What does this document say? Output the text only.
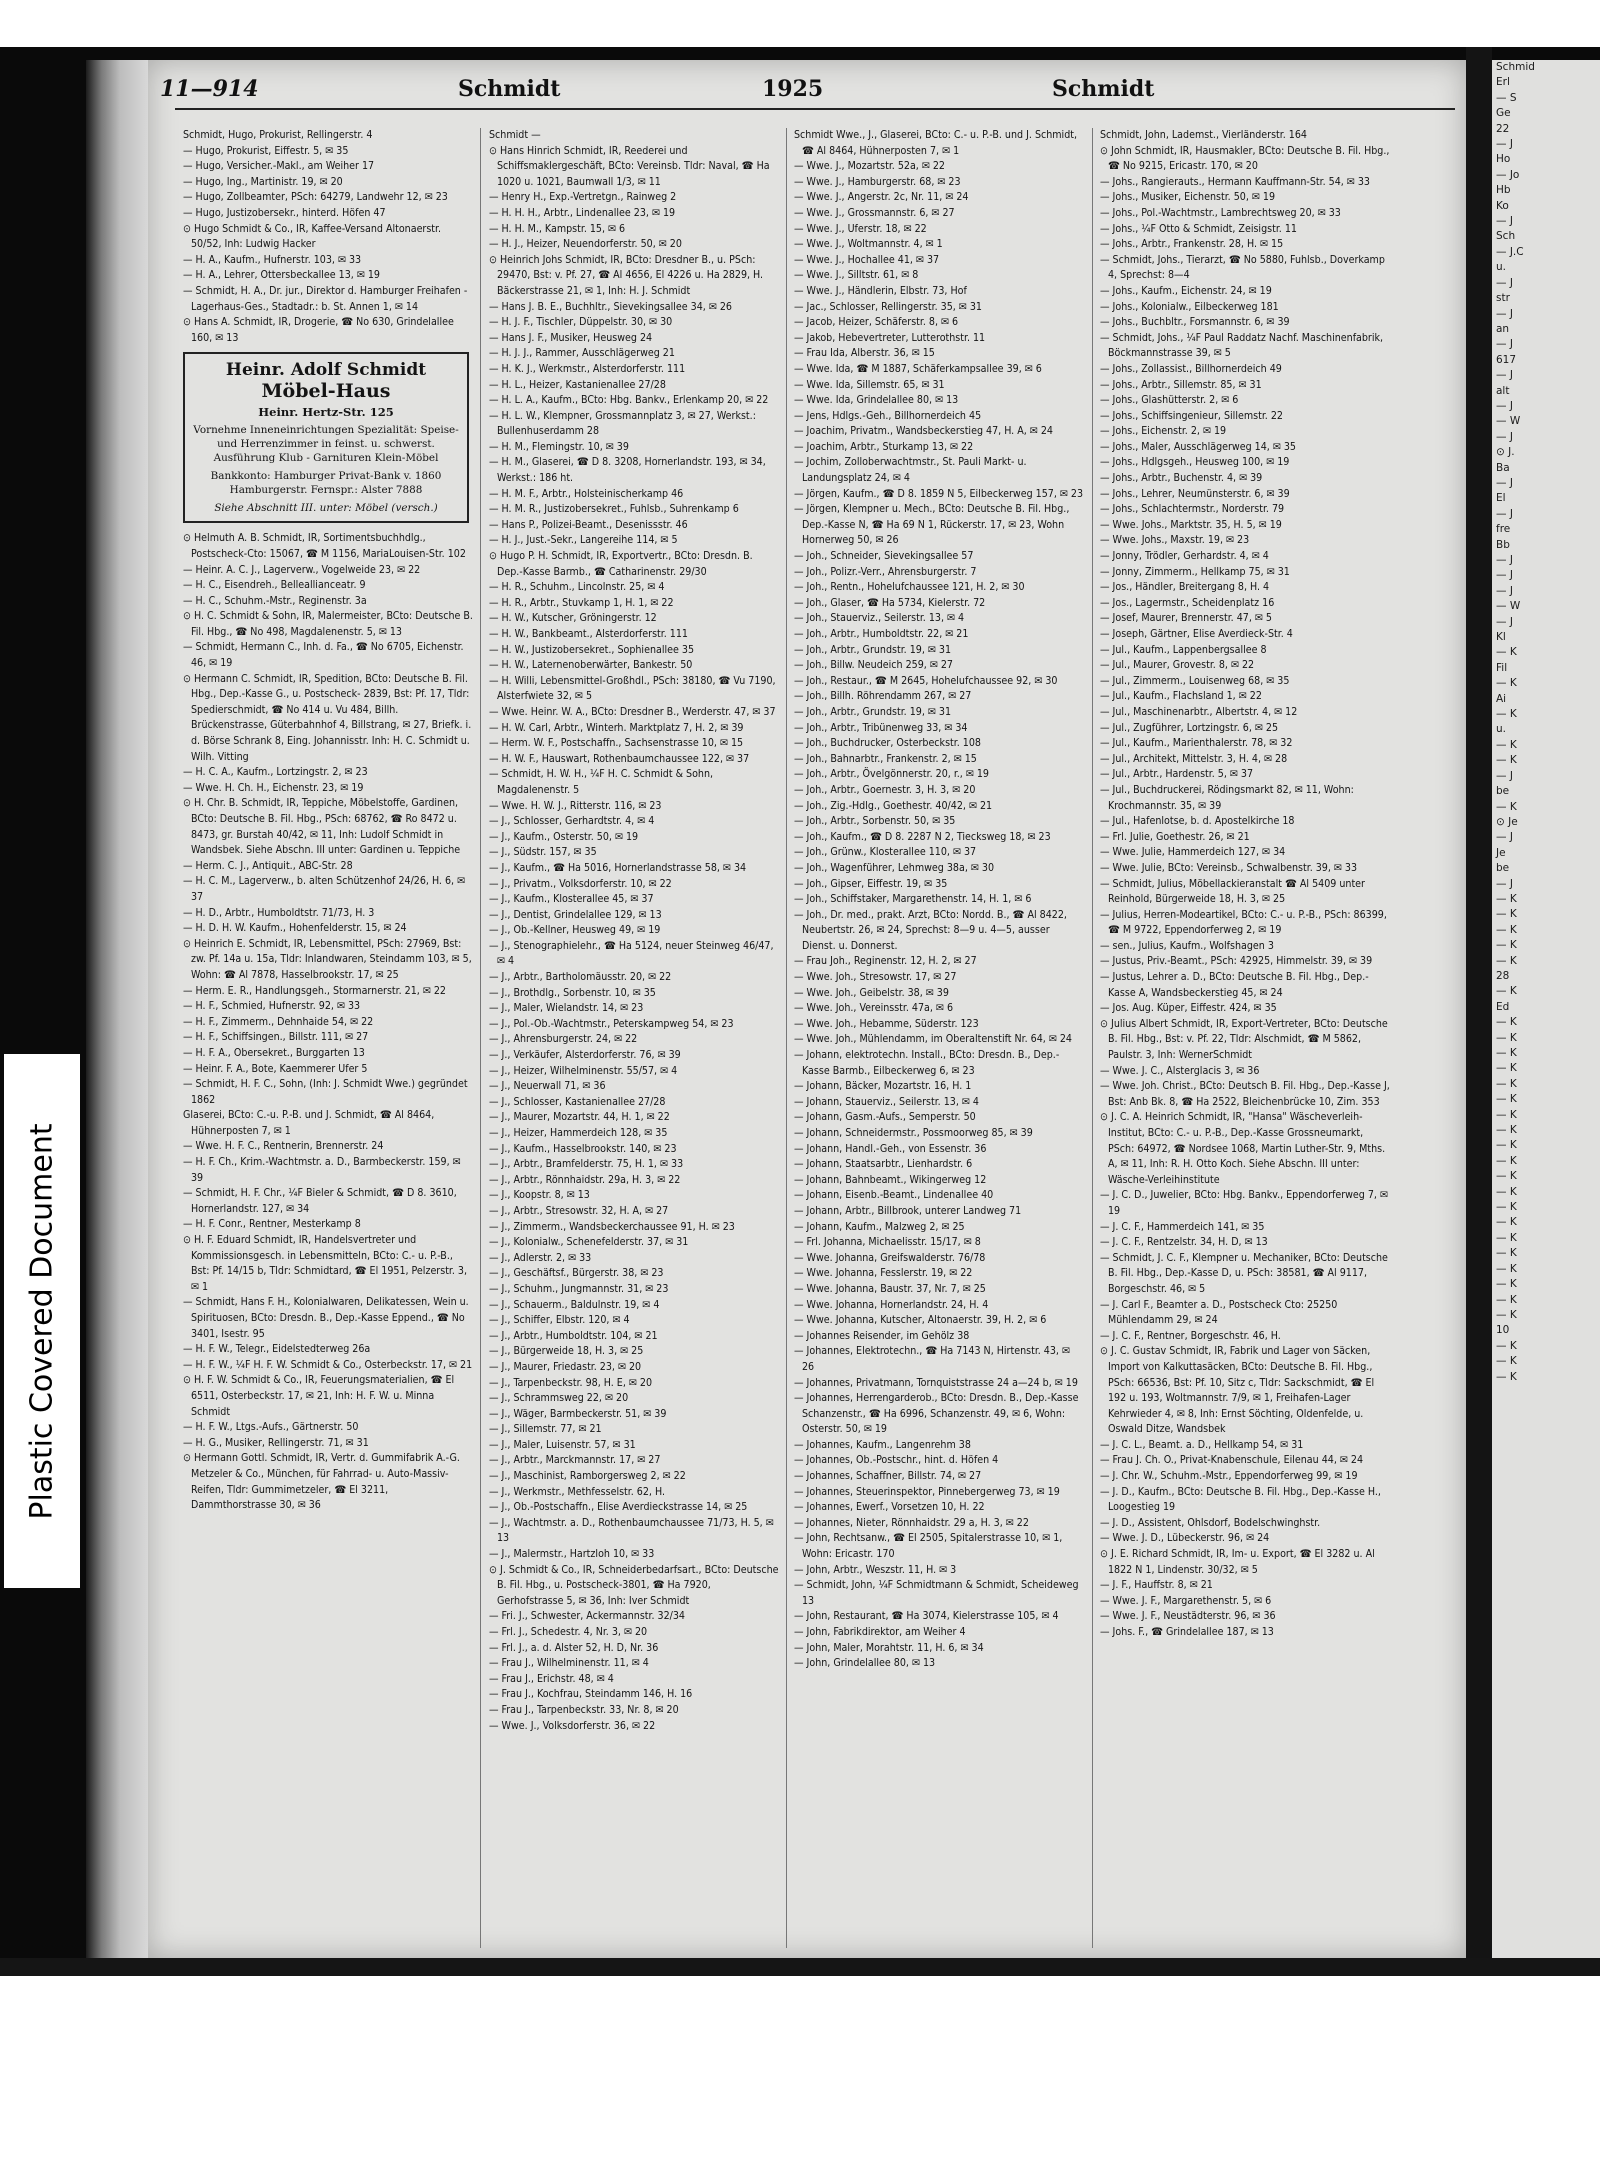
Schmid
Erl
— S
Ge
22
— J
Ho
— Jo
Hb
Ko
— J
Sch
— J.C
u.
— J
str
— J
an
— J
617
— J
alt
— J
— W
— J
⊙ J.
Ba
— J
El
— J
fre
Bb
— J
— J
— J
— W
— J
Kl
— K
Fil
— K
Ai
— K
u.
— K
— K
— J
be
— K
⊙ Je
— J
Je
be
— J
— K
— K
— K
— K
— K
28
— K
Ed
— K
— K
— K
— K
— K
— K
— K
— K
— K
— K
— K
— K
— K
— K
— K
— K
— K
— K
— K
— K
10
— K
— K
— K
11—914	Schmidt	1925	Schmidt

Schmidt, Hugo, Prokurist, Rellingerstr. 4

— Hugo, Prokurist, Eiffestr. 5, ✉ 35

— Hugo, Versicher.-Makl., am Weiher 17

— Hugo, Ing., Martinistr. 19, ✉ 20

— Hugo, Zollbeamter, PSch: 64279, Landwehr 12, ✉ 23

— Hugo, Justizobersekr., hinterd. Höfen 47

⊙ Hugo Schmidt & Co., IR, Kaffee-Versand Altonaerstr. 50/52, Inh: Ludwig Hacker

— H. A., Kaufm., Hufnerstr. 103, ✉ 33

— H. A., Lehrer, Ottersbeckallee 13, ✉ 19

— Schmidt, H. A., Dr. jur., Direktor d. Hamburger Freihafen - Lagerhaus-Ges., Stadtadr.: b. St. Annen 1, ✉ 14

⊙ Hans A. Schmidt, IR, Drogerie, ☎ No 630, Grindelallee 160, ✉ 13

Heinr. Adolf Schmidt
Möbel-Haus
Heinr. Hertz-Str. 125
Vornehme Inneneinrichtungen Spezialität: Speise- und Herrenzimmer in feinst. u. schwerst. Ausführung Klub - Garnituren Klein-Möbel
Bankkonto: Hamburger Privat-Bank v. 1860 Hamburgerstr. Fernspr.: Alster 7888
Siehe Abschnitt III. unter: Möbel (versch.)

⊙ Helmuth A. B. Schmidt, IR, Sortimentsbuchhdlg., Postscheck-Cto: 15067, ☎ M 1156, MariaLouisen-Str. 102

— Heinr. A. C. J., Lagerverw., Vogelweide 23, ✉ 22

— H. C., Eisendreh., Belleallianceatr. 9

— H. C., Schuhm.-Mstr., Reginenstr. 3a

⊙ H. C. Schmidt & Sohn, IR, Malermeister, BCto: Deutsche B. Fil. Hbg., ☎ No 498, Magdalenenstr. 5, ✉ 13

— Schmidt, Hermann C., Inh. d. Fa., ☎ No 6705, Eichenstr. 46, ✉ 19

⊙ Hermann C. Schmidt, IR, Spedition, BCto: Deutsche B. Fil. Hbg., Dep.-Kasse G., u. Postscheck- 2839, Bst: Pf. 17, Tldr: Spedierschmidt, ☎ No 414 u. Vu 484, Billh. Brückenstrasse, Güterbahnhof 4, Billstrang, ✉ 27, Briefk. i. d. Börse Schrank 8, Eing. Johannisstr. Inh: H. C. Schmidt u. Wilh. Vitting

— H. C. A., Kaufm., Lortzingstr. 2, ✉ 23

— Wwe. H. Ch. H., Eichenstr. 23, ✉ 19

⊙ H. Chr. B. Schmidt, IR, Teppiche, Möbelstoffe, Gardinen, BCto: Deutsche B. Fil. Hbg., PSch: 68762, ☎ Ro 8472 u. 8473, gr. Burstah 40/42, ✉ 11, Inh: Ludolf Schmidt in Wandsbek. Siehe Abschn. III unter: Gardinen u. Teppiche

— Herm. C. J., Antiquit., ABC-Str. 28

— H. C. M., Lagerverw., b. alten Schützenhof 24/26, H. 6, ✉ 37

— H. D., Arbtr., Humboldtstr. 71/73, H. 3

— H. D. H. W. Kaufm., Hohenfelderstr. 15, ✉ 24

⊙ Heinrich E. Schmidt, IR, Lebensmittel, PSch: 27969, Bst: zw. Pf. 14a u. 15a, Tldr: Inlandwaren, Steindamm 103, ✉ 5, Wohn: ☎ Al 7878, Hasselbrookstr. 17, ✉ 25

— Herm. E. R., Handlungsgeh., Stormarnerstr. 21, ✉ 22

— H. F., Schmied, Hufnerstr. 92, ✉ 33

— H. F., Zimmerm., Dehnhaide 54, ✉ 22

— H. F., Schiffsingen., Billstr. 111, ✉ 27

— H. F. A., Obersekret., Burggarten 13

— Heinr. F. A., Bote, Kaemmerer Ufer 5

— Schmidt, H. F. C., Sohn, (Inh: J. Schmidt Wwe.) gegründet 1862

Glaserei, BCto: C.-u. P.-B. und J. Schmidt, ☎ Al 8464, Hühnerposten 7, ✉ 1

— Wwe. H. F. C., Rentnerin, Brennerstr. 24

— H. F. Ch., Krim.-Wachtmstr. a. D., Barmbeckerstr. 159, ✉ 39

— Schmidt, H. F. Chr., ¼F Bieler & Schmidt, ☎ D 8. 3610, Hornerlandstr. 127, ✉ 34

— H. F. Conr., Rentner, Mesterkamp 8

⊙ H. F. Eduard Schmidt, IR, Handelsvertreter und Kommissionsgesch. in Lebensmitteln, BCto: C.- u. P.-B., Bst: Pf. 14/15 b, Tldr: Schmidtard, ☎ El 1951, Pelzerstr. 3, ✉ 1

— Schmidt, Hans F. H., Kolonialwaren, Delikatessen, Wein u. Spirituosen, BCto: Dresdn. B., Dep.-Kasse Eppend., ☎ No 3401, Isestr. 95

— H. F. W., Telegr., Eidelstedterweg 26a

— H. F. W., ¼F H. F. W. Schmidt & Co., Osterbeckstr. 17, ✉ 21

⊙ H. F. W. Schmidt & Co., IR, Feuerungsmaterialien, ☎ El 6511, Osterbeckstr. 17, ✉ 21, Inh: H. F. W. u. Minna Schmidt

— H. F. W., Ltgs.-Aufs., Gärtnerstr. 50

— H. G., Musiker, Rellingerstr. 71, ✉ 31

⊙ Hermann Gottl. Schmidt, IR, Vertr. d. Gummifabrik A.-G. Metzeler & Co., München, für Fahrrad- u. Auto-Massiv-Reifen, Tldr: Gummimetzeler, ☎ El 3211, Dammthorstrasse 30, ✉ 36

Schmidt —

⊙ Hans Hinrich Schmidt, IR, Reederei und Schiffsmaklergeschäft, BCto: Vereinsb. Tldr: Naval, ☎ Ha 1020 u. 1021, Baumwall 1/3, ✉ 11

— Henry H., Exp.-Vertretgn., Rainweg 2

— H. H. H., Arbtr., Lindenallee 23, ✉ 19

— H. H. M., Kampstr. 15, ✉ 6

— H. J., Heizer, Neuendorferstr. 50, ✉ 20

⊙ Heinrich Johs Schmidt, IR, BCto: Dresdner B., u. PSch: 29470, Bst: v. Pf. 27, ☎ Al 4656, El 4226 u. Ha 2829, H. Bäckerstrasse 21, ✉ 1, Inh: H. J. Schmidt

— Hans J. B. E., Buchhltr., Sievekingsallee 34, ✉ 26

— H. J. F., Tischler, Düppelstr. 30, ✉ 30

— Hans J. F., Musiker, Heusweg 24

— H. J. J., Rammer, Ausschlägerweg 21

— H. K. J., Werkmstr., Alsterdorferstr. 111

— H. L., Heizer, Kastanienallee 27/28

— H. L. A., Kaufm., BCto: Hbg. Bankv., Erlenkamp 20, ✉ 22

— H. L. W., Klempner, Grossmannplatz 3, ✉ 27, Werkst.: Bullenhuserdamm 28

— H. M., Flemingstr. 10, ✉ 39

— H. M., Glaserei, ☎ D 8. 3208, Hornerlandstr. 193, ✉ 34, Werkst.: 186 ht.

— H. M. F., Arbtr., Holsteinischerkamp 46

— H. M. R., Justizobersekret., Fuhlsb., Suhrenkamp 6

— Hans P., Polizei-Beamt., Desenissstr. 46

— H. J., Just.-Sekr., Langereihe 114, ✉ 5

⊙ Hugo P. H. Schmidt, IR, Exportvertr., BCto: Dresdn. B. Dep.-Kasse Barmb., ☎ Catharinenstr. 29/30

— H. R., Schuhm., Lincolnstr. 25, ✉ 4

— H. R., Arbtr., Stuvkamp 1, H. 1, ✉ 22

— H. W., Kutscher, Gröningerstr. 12

— H. W., Bankbeamt., Alsterdorferstr. 111

— H. W., Justizobersekret., Sophienallee 35

— H. W., Laternenoberwärter, Bankestr. 50

— H. Willi, Lebensmittel-Großhdl., PSch: 38180, ☎ Vu 7190, Alsterfwiete 32, ✉ 5

— Wwe. Heinr. W. A., BCto: Dresdner B., Werderstr. 47, ✉ 37

— H. W. Carl, Arbtr., Winterh. Marktplatz 7, H. 2, ✉ 39

— Herm. W. F., Postschaffn., Sachsenstrasse 10, ✉ 15

— H. W. F., Hauswart, Rothenbaumchaussee 122, ✉ 37

— Schmidt, H. W. H., ¼F H. C. Schmidt & Sohn, Magdalenenstr. 5

— Wwe. H. W. J., Ritterstr. 116, ✉ 23

— J., Schlosser, Gerhardtstr. 4, ✉ 4

— J., Kaufm., Osterstr. 50, ✉ 19

— J., Südstr. 157, ✉ 35

— J., Kaufm., ☎ Ha 5016, Hornerlandstrasse 58, ✉ 34

— J., Privatm., Volksdorferstr. 10, ✉ 22

— J., Kaufm., Klosterallee 45, ✉ 37

— J., Dentist, Grindelallee 129, ✉ 13

— J., Ob.-Kellner, Heusweg 49, ✉ 19

— J., Stenographielehr., ☎ Ha 5124, neuer Steinweg 46/47, ✉ 4

— J., Arbtr., Bartholomäusstr. 20, ✉ 22

— J., Brothdlg., Sorbenstr. 10, ✉ 35

— J., Maler, Wielandstr. 14, ✉ 23

— J., Pol.-Ob.-Wachtmstr., Peterskampweg 54, ✉ 23

— J., Ahrensburgerstr. 24, ✉ 22

— J., Verkäufer, Alsterdorferstr. 76, ✉ 39

— J., Heizer, Wilhelminenstr. 55/57, ✉ 4

— J., Neuerwall 71, ✉ 36

— J., Schlosser, Kastanienallee 27/28

— J., Maurer, Mozartstr. 44, H. 1, ✉ 22

— J., Heizer, Hammerdeich 128, ✉ 35

— J., Kaufm., Hasselbrookstr. 140, ✉ 23

— J., Arbtr., Bramfelderstr. 75, H. 1, ✉ 33

— J., Arbtr., Rönnhaidstr. 29a, H. 3, ✉ 22

— J., Koopstr. 8, ✉ 13

— J., Arbtr., Stresowstr. 32, H. A, ✉ 27

— J., Zimmerm., Wandsbeckerchaussee 91, H. ✉ 23

— J., Kolonialw., Schenefelderstr. 37, ✉ 31

— J., Adlerstr. 2, ✉ 33

— J., Geschäftsf., Bürgerstr. 38, ✉ 23

— J., Schuhm., Jungmannstr. 31, ✉ 23

— J., Schauerm., Baldulnstr. 19, ✉ 4

— J., Schiffer, Elbstr. 120, ✉ 4

— J., Arbtr., Humboldtstr. 104, ✉ 21

— J., Bürgerweide 18, H. 3, ✉ 25

— J., Maurer, Friedastr. 23, ✉ 20

— J., Tarpenbeckstr. 98, H. E, ✉ 20

— J., Schrammsweg 22, ✉ 20

— J., Wäger, Barmbeckerstr. 51, ✉ 39

— J., Sillemstr. 77, ✉ 21

— J., Maler, Luisenstr. 57, ✉ 31

— J., Arbtr., Marckmannstr. 17, ✉ 27

— J., Maschinist, Ramborgersweg 2, ✉ 22

— J., Werkmstr., Methfesselstr. 62, H.

— J., Ob.-Postschaffn., Elise Averdieckstrasse 14, ✉ 25

— J., Wachtmstr. a. D., Rothenbaumchaussee 71/73, H. 5, ✉ 13

— J., Malermstr., Hartzloh 10, ✉ 33

⊙ J. Schmidt & Co., IR, Schneiderbedarfsart., BCto: Deutsche B. Fil. Hbg., u. Postscheck-3801, ☎ Ha 7920, Gerhofstrasse 5, ✉ 36, Inh: Iver Schmidt

— Fri. J., Schwester, Ackermannstr. 32/34

— Frl. J., Schedestr. 4, Nr. 3, ✉ 20

— Frl. J., a. d. Alster 52, H. D, Nr. 36

— Frau J., Wilhelminenstr. 11, ✉ 4

— Frau J., Erichstr. 48, ✉ 4

— Frau J., Kochfrau, Steindamm 146, H. 16

— Frau J., Tarpenbeckstr. 33, Nr. 8, ✉ 20

— Wwe. J., Volksdorferstr. 36, ✉ 22

Schmidt Wwe., J., Glaserei, BCto: C.- u. P.-B. und J. Schmidt, ☎ Al 8464, Hühnerposten 7, ✉ 1

— Wwe. J., Mozartstr. 52a, ✉ 22

— Wwe. J., Hamburgerstr. 68, ✉ 23

— Wwe. J., Angerstr. 2c, Nr. 11, ✉ 24

— Wwe. J., Grossmannstr. 6, ✉ 27

— Wwe. J., Uferstr. 18, ✉ 22

— Wwe. J., Woltmannstr. 4, ✉ 1

— Wwe. J., Hochallee 41, ✉ 37

— Wwe. J., Silltstr. 61, ✉ 8

— Wwe. J., Händlerin, Elbstr. 73, Hof

— Jac., Schlosser, Rellingerstr. 35, ✉ 31

— Jacob, Heizer, Schäferstr. 8, ✉ 6

— Jakob, Hebevertreter, Lutterothstr. 11

— Frau Ida, Alberstr. 36, ✉ 15

— Wwe. Ida, ☎ M 1887, Schäferkampsallee 39, ✉ 6

— Wwe. Ida, Sillemstr. 65, ✉ 31

— Wwe. Ida, Grindelallee 80, ✉ 13

— Jens, Hdlgs.-Geh., Billhornerdeich 45

— Joachim, Privatm., Wandsbeckerstieg 47, H. A, ✉ 24

— Joachim, Arbtr., Sturkamp 13, ✉ 22

— Jochim, Zolloberwachtmstr., St. Pauli Markt- u. Landungsplatz 24, ✉ 4

— Jörgen, Kaufm., ☎ D 8. 1859 N 5, Eilbeckerweg 157, ✉ 23

— Jörgen, Klempner u. Mech., BCto: Deutsche B. Fil. Hbg., Dep.-Kasse N, ☎ Ha 69 N 1, Rückerstr. 17, ✉ 23, Wohn Hornerweg 50, ✉ 26

— Joh., Schneider, Sievekingsallee 57

— Joh., Polizr.-Verr., Ahrensburgerstr. 7

— Joh., Rentn., Hohelufchaussee 121, H. 2, ✉ 30

— Joh., Glaser, ☎ Ha 5734, Kielerstr. 72

— Joh., Stauerviz., Seilerstr. 13, ✉ 4

— Joh., Arbtr., Humboldtstr. 22, ✉ 21

— Joh., Arbtr., Grundstr. 19, ✉ 31

— Joh., Billw. Neudeich 259, ✉ 27

— Joh., Restaur., ☎ M 2645, Hohelufchaussee 92, ✉ 30

— Joh., Billh. Röhrendamm 267, ✉ 27

— Joh., Arbtr., Grundstr. 19, ✉ 31

— Joh., Arbtr., Tribünenweg 33, ✉ 34

— Joh., Buchdrucker, Osterbeckstr. 108

— Joh., Bahnarbtr., Frankenstr. 2, ✉ 15

— Joh., Arbtr., Övelgönnerstr. 20, r., ✉ 19

— Joh., Arbtr., Goernestr. 3, H. 3, ✉ 20

— Joh., Zig.-Hdlg., Goethestr. 40/42, ✉ 21

— Joh., Arbtr., Sorbenstr. 50, ✉ 35

— Joh., Kaufm., ☎ D 8. 2287 N 2, Tiecksweg 18, ✉ 23

— Joh., Grünw., Klosterallee 110, ✉ 37

— Joh., Wagenführer, Lehmweg 38a, ✉ 30

— Joh., Gipser, Eiffestr. 19, ✉ 35

— Joh., Schiffstaker, Margarethenstr. 14, H. 1, ✉ 6

— Joh., Dr. med., prakt. Arzt, BCto: Nordd. B., ☎ Al 8422, Neubertstr. 26, ✉ 24, Sprechst: 8—9 u. 4—5, ausser Dienst. u. Donnerst.

— Frau Joh., Reginenstr. 12, H. 2, ✉ 27

— Wwe. Joh., Stresowstr. 17, ✉ 27

— Wwe. Joh., Geibelstr. 38, ✉ 39

— Wwe. Joh., Vereinsstr. 47a, ✉ 6

— Wwe. Joh., Hebamme, Süderstr. 123

— Wwe. Joh., Mühlendamm, im Oberaltenstift Nr. 64, ✉ 24

— Johann, elektrotechn. Install., BCto: Dresdn. B., Dep.-Kasse Barmb., Eilbeckerweg 6, ✉ 23

— Johann, Bäcker, Mozartstr. 16, H. 1

— Johann, Stauerviz., Seilerstr. 13, ✉ 4

— Johann, Gasm.-Aufs., Semperstr. 50

— Johann, Schneidermstr., Possmoorweg 85, ✉ 39

— Johann, Handl.-Geh., von Essenstr. 36

— Johann, Staatsarbtr., Lienhardstr. 6

— Johann, Bahnbeamt., Wikingerweg 12

— Johann, Eisenb.-Beamt., Lindenallee 40

— Johann, Arbtr., Billbrook, unterer Landweg 71

— Johann, Kaufm., Malzweg 2, ✉ 25

— Frl. Johanna, Michaelisstr. 15/17, ✉ 8

— Wwe. Johanna, Greifswalderstr. 76/78

— Wwe. Johanna, Fesslerstr. 19, ✉ 22

— Wwe. Johanna, Baustr. 37, Nr. 7, ✉ 25

— Wwe. Johanna, Hornerlandstr. 24, H. 4

— Wwe. Johanna, Kutscher, Altonaerstr. 39, H. 2, ✉ 6

— Johannes Reisender, im Gehölz 38

— Johannes, Elektrotechn., ☎ Ha 7143 N, Hirtenstr. 43, ✉ 26

— Johannes, Privatmann, Tornquiststrasse 24 a—24 b, ✉ 19

— Johannes, Herrengarderob., BCto: Dresdn. B., Dep.-Kasse Schanzenstr., ☎ Ha 6996, Schanzenstr. 49, ✉ 6, Wohn: Osterstr. 50, ✉ 19

— Johannes, Kaufm., Langenrehm 38

— Johannes, Ob.-Postschr., hint. d. Höfen 4

— Johannes, Schaffner, Billstr. 74, ✉ 27

— Johannes, Steuerinspektor, Pinnebergerweg 73, ✉ 19

— Johannes, Ewerf., Vorsetzen 10, H. 22

— Johannes, Nieter, Rönnhaidstr. 29 a, H. 3, ✉ 22

— John, Rechtsanw., ☎ El 2505, Spitalerstrasse 10, ✉ 1, Wohn: Ericastr. 170

— John, Arbtr., Weszstr. 11, H. ✉ 3

— Schmidt, John, ¼F Schmidtmann & Schmidt, Scheideweg 13

— John, Restaurant, ☎ Ha 3074, Kielerstrasse 105, ✉ 4

— John, Fabrikdirektor, am Weiher 4

— John, Maler, Morahtstr. 11, H. 6, ✉ 34

— John, Grindelallee 80, ✉ 13

Schmidt, John, Lademst., Vierländerstr. 164

⊙ John Schmidt, IR, Hausmakler, BCto: Deutsche B. Fil. Hbg., ☎ No 9215, Ericastr. 170, ✉ 20

— Johs., Rangierauts., Hermann Kauffmann-Str. 54, ✉ 33

— Johs., Musiker, Eichenstr. 50, ✉ 19

— Johs., Pol.-Wachtmstr., Lambrechtsweg 20, ✉ 33

— Johs., ¼F Otto & Schmidt, Zeisigstr. 11

— Johs., Arbtr., Frankenstr. 28, H. ✉ 15

— Schmidt, Johs., Tierarzt, ☎ No 5880, Fuhlsb., Doverkamp 4, Sprechst: 8—4

— Johs., Kaufm., Eichenstr. 24, ✉ 19

— Johs., Kolonialw., Eilbeckerweg 181

— Johs., Buchbltr., Forsmannstr. 6, ✉ 39

— Schmidt, Johs., ¼F Paul Raddatz Nachf. Maschinenfabrik, Böckmannstrasse 39, ✉ 5

— Johs., Zollassist., Billhornerdeich 49

— Johs., Arbtr., Sillemstr. 85, ✉ 31

— Johs., Glashütterstr. 2, ✉ 6

— Johs., Schiffsingenieur, Sillemstr. 22

— Johs., Eichenstr. 2, ✉ 19

— Johs., Maler, Ausschlägerweg 14, ✉ 35

— Johs., Hdlgsgeh., Heusweg 100, ✉ 19

— Johs., Arbtr., Buchenstr. 4, ✉ 39

— Johs., Lehrer, Neumünsterstr. 6, ✉ 39

— Johs., Schlachtermstr., Norderstr. 79

— Wwe. Johs., Marktstr. 35, H. 5, ✉ 19

— Wwe. Johs., Maxstr. 19, ✉ 23

— Jonny, Trödler, Gerhardstr. 4, ✉ 4

— Jonny, Zimmerm., Hellkamp 75, ✉ 31

— Jos., Händler, Breitergang 8, H. 4

— Jos., Lagermstr., Scheidenplatz 16

— Josef, Maurer, Brennerstr. 47, ✉ 5

— Joseph, Gärtner, Elise Averdieck-Str. 4

— Jul., Kaufm., Lappenbergsallee 8

— Jul., Maurer, Grovestr. 8, ✉ 22

— Jul., Zimmerm., Louisenweg 68, ✉ 35

— Jul., Kaufm., Flachsland 1, ✉ 22

— Jul., Maschinenarbtr., Albertstr. 4, ✉ 12

— Jul., Zugführer, Lortzingstr. 6, ✉ 25

— Jul., Kaufm., Marienthalerstr. 78, ✉ 32

— Jul., Architekt, Mittelstr. 3, H. 4, ✉ 28

— Jul., Arbtr., Hardenstr. 5, ✉ 37

— Jul., Buchdruckerei, Rödingsmarkt 82, ✉ 11, Wohn: Krochmannstr. 35, ✉ 39

— Jul., Hafenlotse, b. d. Apostelkirche 18

— Frl. Julie, Goethestr. 26, ✉ 21

— Wwe. Julie, Hammerdeich 127, ✉ 34

— Wwe. Julie, BCto: Vereinsb., Schwalbenstr. 39, ✉ 33

— Schmidt, Julius, Möbellackieranstalt ☎ Al 5409 unter Reinhold, Bürgerweide 18, H. 3, ✉ 25

— Julius, Herren-Modeartikel, BCto: C.- u. P.-B., PSch: 86399, ☎ M 9722, Eppendorferweg 2, ✉ 19

— sen., Julius, Kaufm., Wolfshagen 3

— Justus, Priv.-Beamt., PSch: 42925, Himmelstr. 39, ✉ 39

— Justus, Lehrer a. D., BCto: Deutsche B. Fil. Hbg., Dep.-Kasse A, Wandsbeckerstieg 45, ✉ 24

— Jos. Aug. Küper, Eiffestr. 424, ✉ 35

⊙ Julius Albert Schmidt, IR, Export-Vertreter, BCto: Deutsche B. Fil. Hbg., Bst: v. Pf. 22, Tldr: Alschmidt, ☎ M 5862, Paulstr. 3, Inh: WernerSchmidt

— Wwe. J. C., Alsterglacis 3, ✉ 36

— Wwe. Joh. Christ., BCto: Deutsch B. Fil. Hbg., Dep.-Kasse J, Bst: Anb Bk. 8, ☎ Ha 2522, Bleichenbrücke 10, Zim. 353

⊙ J. C. A. Heinrich Schmidt, IR, "Hansa" Wäscheverleih-Institut, BCto: C.- u. P.-B., Dep.-Kasse Grossneumarkt, PSch: 64972, ☎ Nordsee 1068, Martin Luther-Str. 9, Mths. A, ✉ 11, Inh: R. H. Otto Koch. Siehe Abschn. III unter: Wäsche-Verleihinstitute

— J. C. D., Juwelier, BCto: Hbg. Bankv., Eppendorferweg 7, ✉ 19

— J. C. F., Hammerdeich 141, ✉ 35

— J. C. F., Rentzelstr. 34, H. D, ✉ 13

— Schmidt, J. C. F., Klempner u. Mechaniker, BCto: Deutsche B. Fil. Hbg., Dep.-Kasse D, u. PSch: 38581, ☎ Al 9117, Borgeschstr. 46, ✉ 5

— J. Carl F., Beamter a. D., Postscheck Cto: 25250 Mühlendamm 29, ✉ 24

— J. C. F., Rentner, Borgeschstr. 46, H.

⊙ J. C. Gustav Schmidt, IR, Fabrik und Lager von Säcken, Import von Kalkuttasäcken, BCto: Deutsche B. Fil. Hbg., PSch: 66536, Bst: Pf. 10, Sitz c, Tldr: Sackschmidt, ☎ El 192 u. 193, Woltmannstr. 7/9, ✉ 1, Freihafen-Lager Kehrwieder 4, ✉ 8, Inh: Ernst Söchting, Oldenfelde, u. Oswald Ditze, Wandsbek

— J. C. L., Beamt. a. D., Hellkamp 54, ✉ 31

— Frau J. Ch. O., Privat-Knabenschule, Eilenau 44, ✉ 24

— J. Chr. W., Schuhm.-Mstr., Eppendorferweg 99, ✉ 19

— J. D., Kaufm., BCto: Deutsche B. Fil. Hbg., Dep.-Kasse H., Loogestieg 19

— J. D., Assistent, Ohlsdorf, Bodelschwinghstr.

— Wwe. J. D., Lübeckerstr. 96, ✉ 24

⊙ J. E. Richard Schmidt, IR, Im- u. Export, ☎ El 3282 u. Al 1822 N 1, Lindenstr. 30/32, ✉ 5

— J. F., Hauffstr. 8, ✉ 21

— Wwe. J. F., Margarethenstr. 5, ✉ 6

— Wwe. J. F., Neustädterstr. 96, ✉ 36

— Johs. F., ☎ Grindelallee 187, ✉ 13

Plastic Covered Document
